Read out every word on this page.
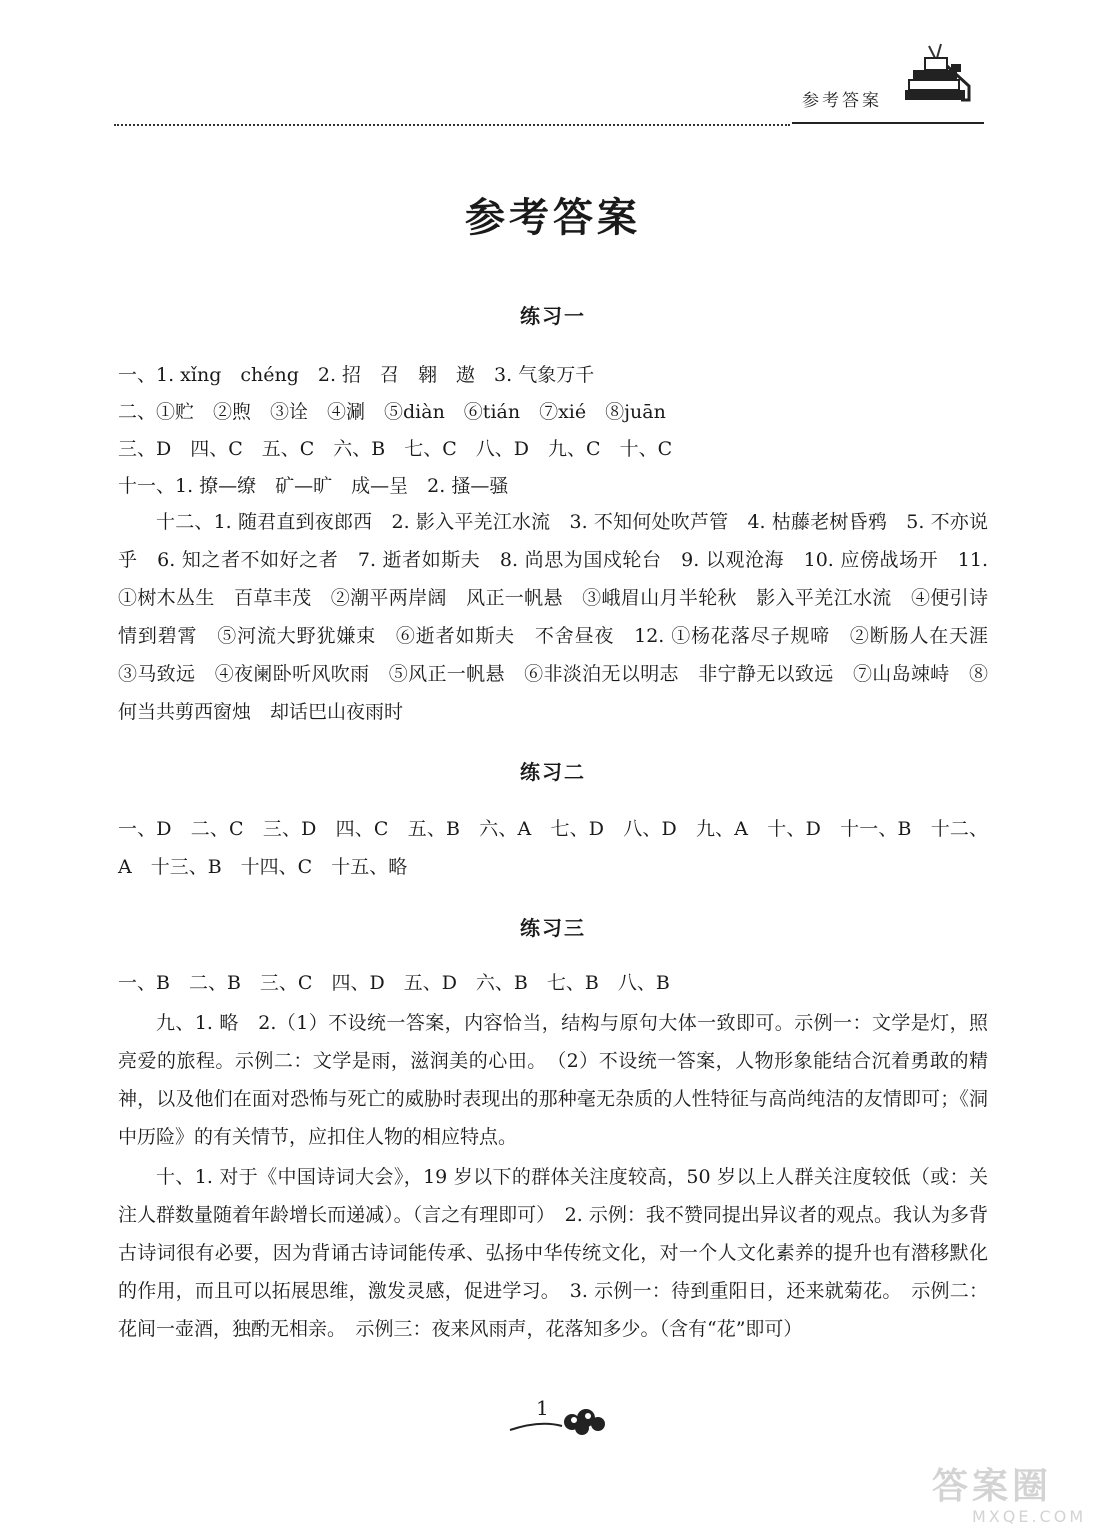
参考答案
参考答案
练习一
一、1. xǐng　chéng　2. 招　召　翱　遨　3. 气象万千
二、①贮　②煦　③诠　④涮　⑤diàn　⑥tián　⑦xié　⑧juān
三、D　四、C　五、C　六、B　七、C　八、D　九、C　十、C
十一、1. 撩—缭　矿—旷　成—呈　2. 搔—骚
十二、1. 随君直到夜郎西　2. 影入平羌江水流　3. 不知何处吹芦管　4. 枯藤老树昏鸦　5. 不亦说乎　6. 知之者不如好之者　7. 逝者如斯夫　8. 尚思为国戍轮台　9. 以观沧海　10. 应傍战场开　11. ①树木丛生　百草丰茂　②潮平两岸阔　风正一帆悬　③峨眉山月半轮秋　影入平羌江水流　④便引诗情到碧霄　⑤河流大野犹嫌束　⑥逝者如斯夫　不舍昼夜　12. ①杨花落尽子规啼　②断肠人在天涯　③马致远　④夜阑卧听风吹雨　⑤风正一帆悬　⑥非淡泊无以明志　非宁静无以致远　⑦山岛竦峙　⑧何当共剪西窗烛　却话巴山夜雨时
练习二
一、D　二、C　三、D　四、C　五、B　六、A　七、D　八、D　九、A　十、D　十一、B　十二、A　十三、B　十四、C　十五、略
练习三
一、B　二、B　三、C　四、D　五、D　六、B　七、B　八、B
九、1. 略　2.（1）不设统一答案，内容恰当，结构与原句大体一致即可。示例一：文学是灯，照亮爱的旅程。示例二：文学是雨，滋润美的心田。　（2）不设统一答案，人物形象能结合沉着勇敢的精神，以及他们在面对恐怖与死亡的威胁时表现出的那种毫无杂质的人性特征与高尚纯洁的友情即可；《洞中历险》的有关情节，应扣住人物的相应特点。
十、1. 对于《中国诗词大会》，19 岁以下的群体关注度较高，50 岁以上人群关注度较低（或：关注人群数量随着年龄增长而递减）。（言之有理即可）　2. 示例：我不赞同提出异议者的观点。我认为多背古诗词很有必要，因为背诵古诗词能传承、弘扬中华传统文化，对一个人文化素养的提升也有潜移默化的作用，而且可以拓展思维，激发灵感，促进学习。　3. 示例一：待到重阳日，还来就菊花。　示例二：花间一壶酒，独酌无相亲。　示例三：夜来风雨声，花落知多少。（含有“花”即可）
1
答案圈
MXQE.COM
